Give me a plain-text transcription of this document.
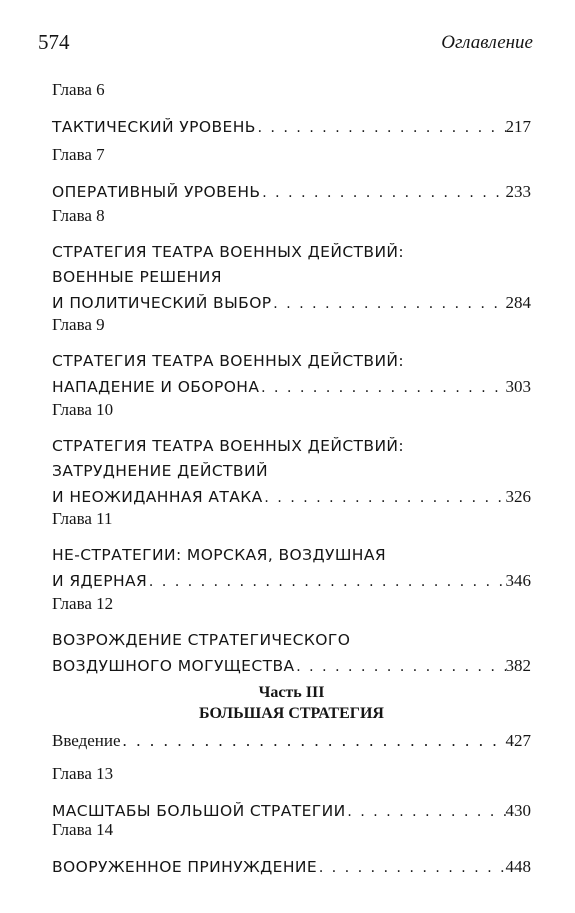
574	Оглавление
Глава 6
ТАКТИЧЕСКИЙ УРОВЕНЬ . . .	217
Глава 7
ОПЕРАТИВНЫЙ УРОВЕНЬ . . .	233
Глава 8
СТРАТЕГИЯ ТЕАТРА ВОЕННЫХ ДЕЙСТВИЙ:
ВОЕННЫЕ РЕШЕНИЯ
И ПОЛИТИЧЕСКИЙ ВЫБОР . . .	284
Глава 9
СТРАТЕГИЯ ТЕАТРА ВОЕННЫХ ДЕЙСТВИЙ:
НАПАДЕНИЕ И ОБОРОНА . . .	303
Глава 10
СТРАТЕГИЯ ТЕАТРА ВОЕННЫХ ДЕЙСТВИЙ:
ЗАТРУДНЕНИЕ ДЕЙСТВИЙ
И НЕОЖИДАННАЯ АТАКА . . .	326
Глава 11
НЕ-СТРАТЕГИИ: МОРСКАЯ, ВОЗДУШНАЯ
И ЯДЕРНАЯ . . .	346
Глава 12
ВОЗРОЖДЕНИЕ СТРАТЕГИЧЕСКОГО
ВОЗДУШНОГО МОГУЩЕСТВА . . .	382
Часть III
БОЛЬШАЯ СТРАТЕГИЯ
Введение . . .	427
Глава 13
МАСШТАБЫ БОЛЬШОЙ СТРАТЕГИИ . . .	430
Глава 14
ВООРУЖЕННОЕ ПРИНУЖДЕНИЕ . . .	448
